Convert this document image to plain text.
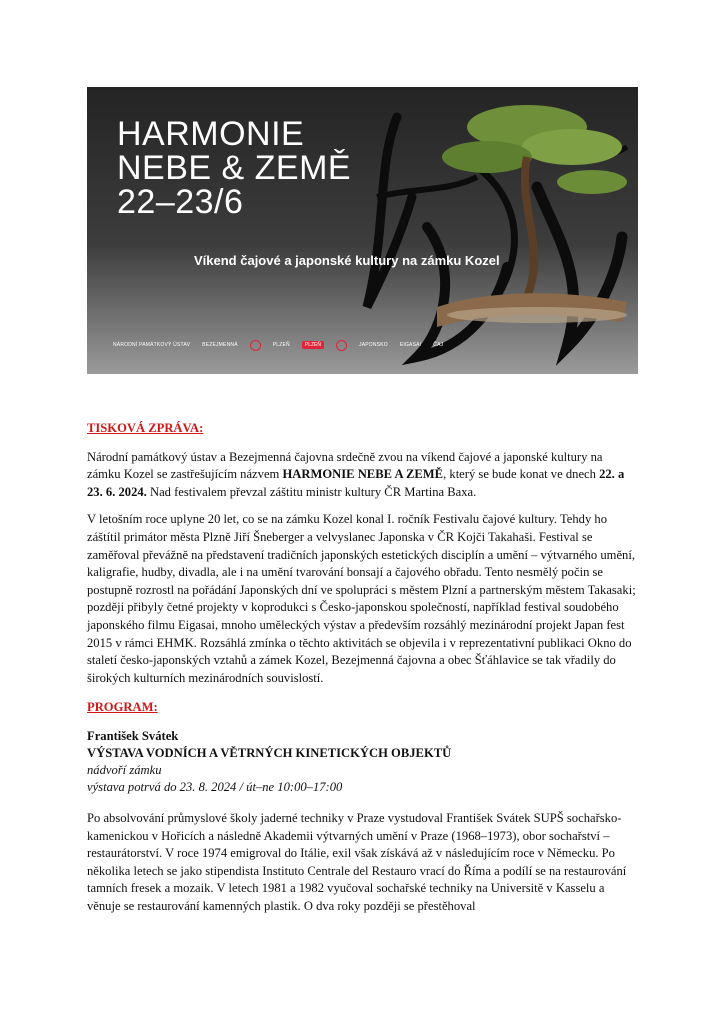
HARMONIE
NEBE & ZEMĚ
22–23/6
Víkend čajové a japonské kultury na zámku Kozel
NÁRODNÍ PAMÁTKOVÝ ÚSTAV BEZEJMENNÁ	PLZEŇ	PLZEŇ	JAPONSKO EIGASAI ČAJ
TISKOVÁ ZPRÁVA:

Národní památkový ústav a Bezejmenná čajovna srdečně zvou na víkend čajové a japonské kultury na zámku Kozel se zastřešujícím názvem HARMONIE NEBE A ZEMĚ, který se bude konat ve dnech 22. a 23. 6. 2024. Nad festivalem převzal záštitu ministr kultury ČR Martina Baxa.

V letošním roce uplyne 20 let, co se na zámku Kozel konal I. ročník Festivalu čajové kultury. Tehdy ho záštítil primátor města Plzně Jiří Šneberger a velvyslanec Japonska v ČR Kojči Takahaši. Festival se zaměřoval převážně na představení tradičních japonských estetických disciplín a umění – výtvarného umění, kaligrafie, hudby, divadla, ale i na umění tvarování bonsají a čajového obřadu. Tento nesmělý počin se postupně rozrostl na pořádání Japonských dní ve spolupráci s městem Plzní a partnerským městem Takasaki; později přibyly četné projekty v koprodukci s Česko-japonskou společností, například festival soudobého japonského filmu Eigasai, mnoho uměleckých výstav a především rozsáhlý mezinárodní projekt Japan fest 2015 v rámci EHMK. Rozsáhlá zmínka o těchto aktivitách se objevila i v reprezentativní publikaci Okno do staletí česko-japonských vztahů a zámek Kozel, Bezejmenná čajovna a obec Šťáhlavice se tak vřadily do širokých kulturních mezinárodních souvislostí.

PROGRAM:
František Svátek
VÝSTAVA VODNÍCH A VĚTRNÝCH KINETICKÝCH OBJEKTŮ
nádvoří zámku
výstava potrvá do 23. 8. 2024 / út–ne 10:00–17:00

Po absolvování průmyslové školy jaderné techniky v Praze vystudoval František Svátek SUPŠ sochařsko-kamenickou v Hořicích a následně Akademii výtvarných umění v Praze (1968–1973), obor sochařství – restaurátorství. V roce 1974 emigroval do Itálie, exil však získává až v následujícím roce v Německu. Po několika letech se jako stipendista Instituto Centrale del Restauro vrací do Říma a podílí se na restaurování tamních fresek a mozaik. V letech 1981 a 1982 vyučoval sochařské techniky na Universitě v Kasselu a věnuje se restaurování kamenných plastik. O dva roky později se přestěhoval
